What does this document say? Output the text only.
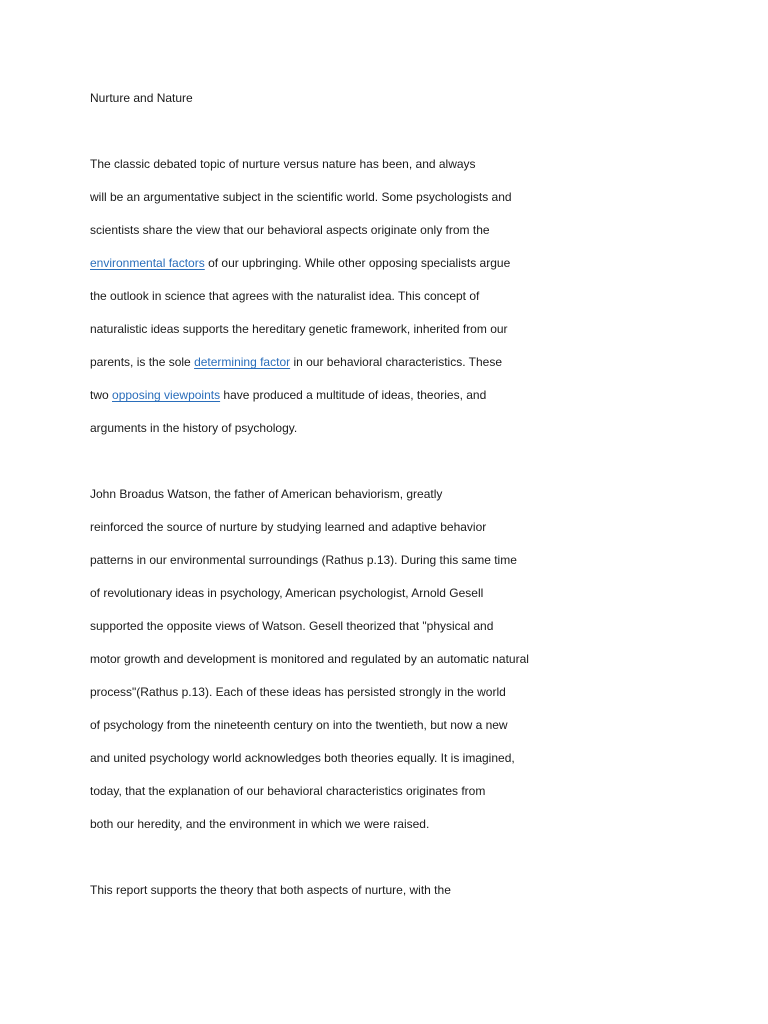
Nurture and Nature
The classic debated topic of nurture versus nature has been, and always
will be an argumentative subject in the scientific world. Some psychologists and
scientists share the view that our behavioral aspects originate only from the
environmental factors of our upbringing. While other opposing specialists argue
the outlook in science that agrees with the naturalist idea. This concept of
naturalistic ideas supports the hereditary genetic framework, inherited from our
parents, is the sole determining factor in our behavioral characteristics. These
two opposing viewpoints have produced a multitude of ideas, theories, and
arguments in the history of psychology.
John Broadus Watson, the father of American behaviorism, greatly
reinforced the source of nurture by studying learned and adaptive behavior
patterns in our environmental surroundings (Rathus p.13). During this same time
of revolutionary ideas in psychology, American psychologist, Arnold Gesell
supported the opposite views of Watson. Gesell theorized that "physical and
motor growth and development is monitored and regulated by an automatic natural
process"(Rathus p.13). Each of these ideas has persisted strongly in the world
of psychology from the nineteenth century on into the twentieth, but now a new
and united psychology world acknowledges both theories equally. It is imagined,
today, that the explanation of our behavioral characteristics originates from
both our heredity, and the environment in which we were raised.
This report supports the theory that both aspects of nurture, with the
